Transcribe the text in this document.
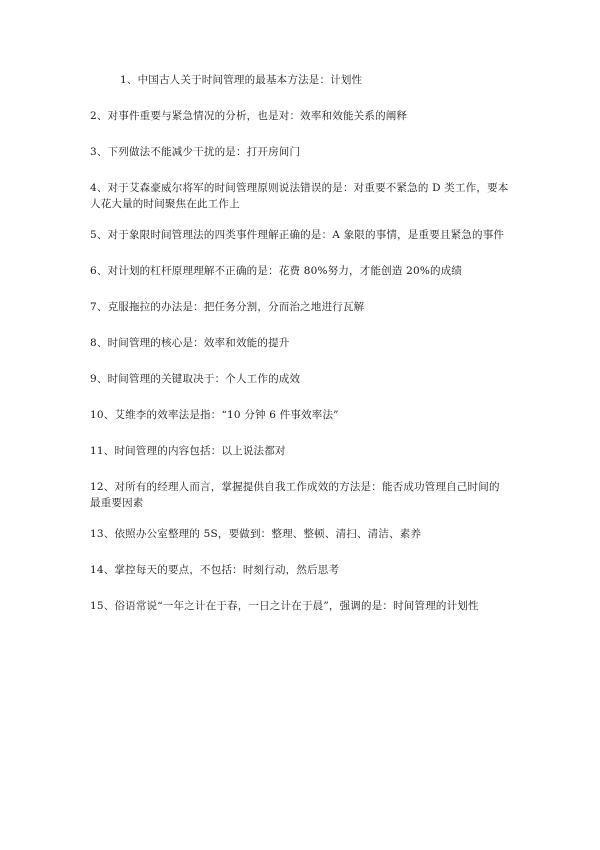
1、中国古人关于时间管理的最基本方法是：计划性
2、对事件重要与紧急情况的分析，也是对：效率和效能关系的阐释
3、下列做法不能减少干扰的是：打开房间门
4、对于艾森豪威尔将军的时间管理原则说法错误的是：对重要不紧急的 D 类工作，要本人花大量的时间聚焦在此工作上
5、对于象限时间管理法的四类事件理解正确的是：A 象限的事情，是重要且紧急的事件
6、对计划的杠杆原理理解不正确的是：花费 80%努力，才能创造 20%的成绩
7、克服拖拉的办法是：把任务分割，分而治之地进行瓦解
8、时间管理的核心是：效率和效能的提升
9、时间管理的关键取决于：个人工作的成效
10、艾维李的效率法是指：“10 分钟 6 件事效率法”
11、时间管理的内容包括：以上说法都对
12、对所有的经理人而言，掌握提供自我工作成效的方法是：能否成功管理自己时间的最重要因素
13、依照办公室整理的 5S，要做到：整理、整顿、清扫、清洁、素养
14、掌控每天的要点，不包括：时刻行动，然后思考
15、俗语常说“一年之计在于春，一日之计在于晨”，强调的是：时间管理的计划性
